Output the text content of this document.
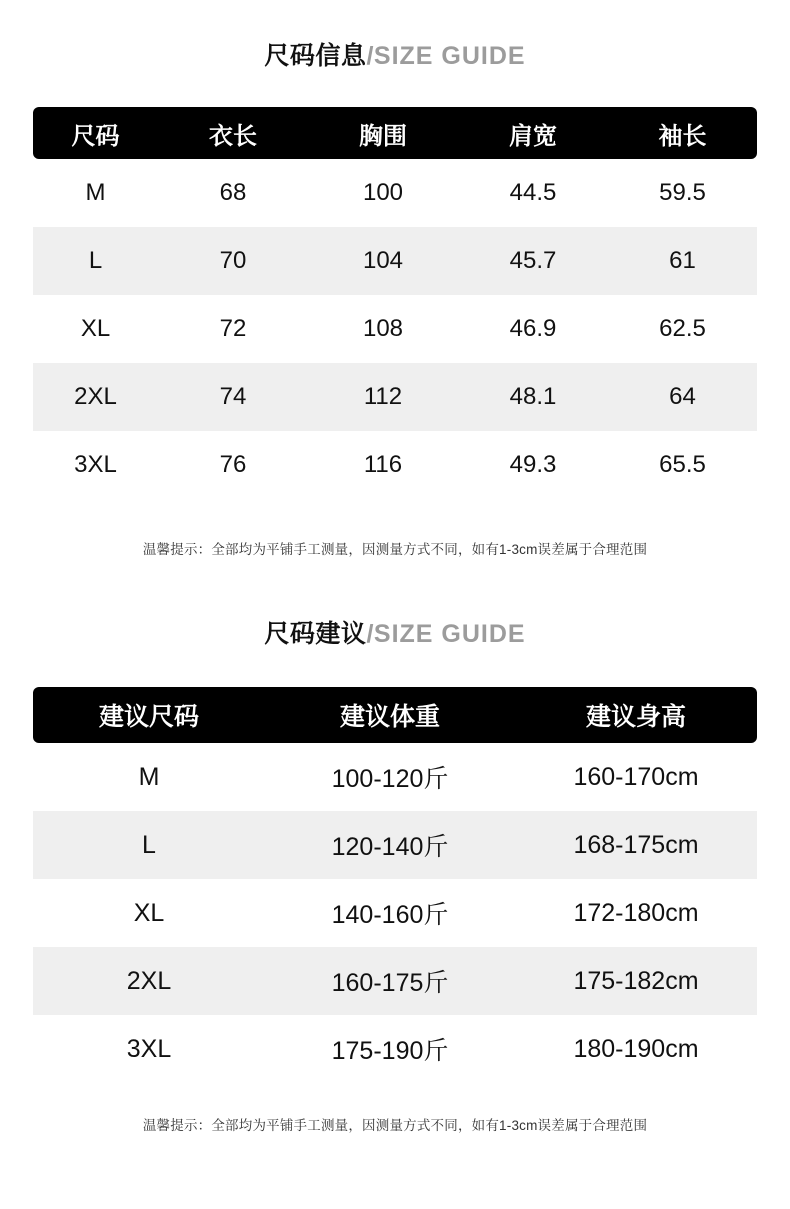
尺码信息/SIZE GUIDE
尺码	衣长	胸围	肩宽	袖长
M	68	100	44.5	59.5
L	70	104	45.7	61
XL	72	108	46.9	62.5
2XL	74	112	48.1	64
3XL	76	116	49.3	65.5
温馨提示：全部均为平铺手工测量，因测量方式不同，如有1-3cm误差属于合理范围
尺码建议/SIZE GUIDE
建议尺码	建议体重	建议身高
M	100-120斤	160-170cm
L	120-140斤	168-175cm
XL	140-160斤	172-180cm
2XL	160-175斤	175-182cm
3XL	175-190斤	180-190cm
温馨提示：全部均为平铺手工测量，因测量方式不同，如有1-3cm误差属于合理范围
